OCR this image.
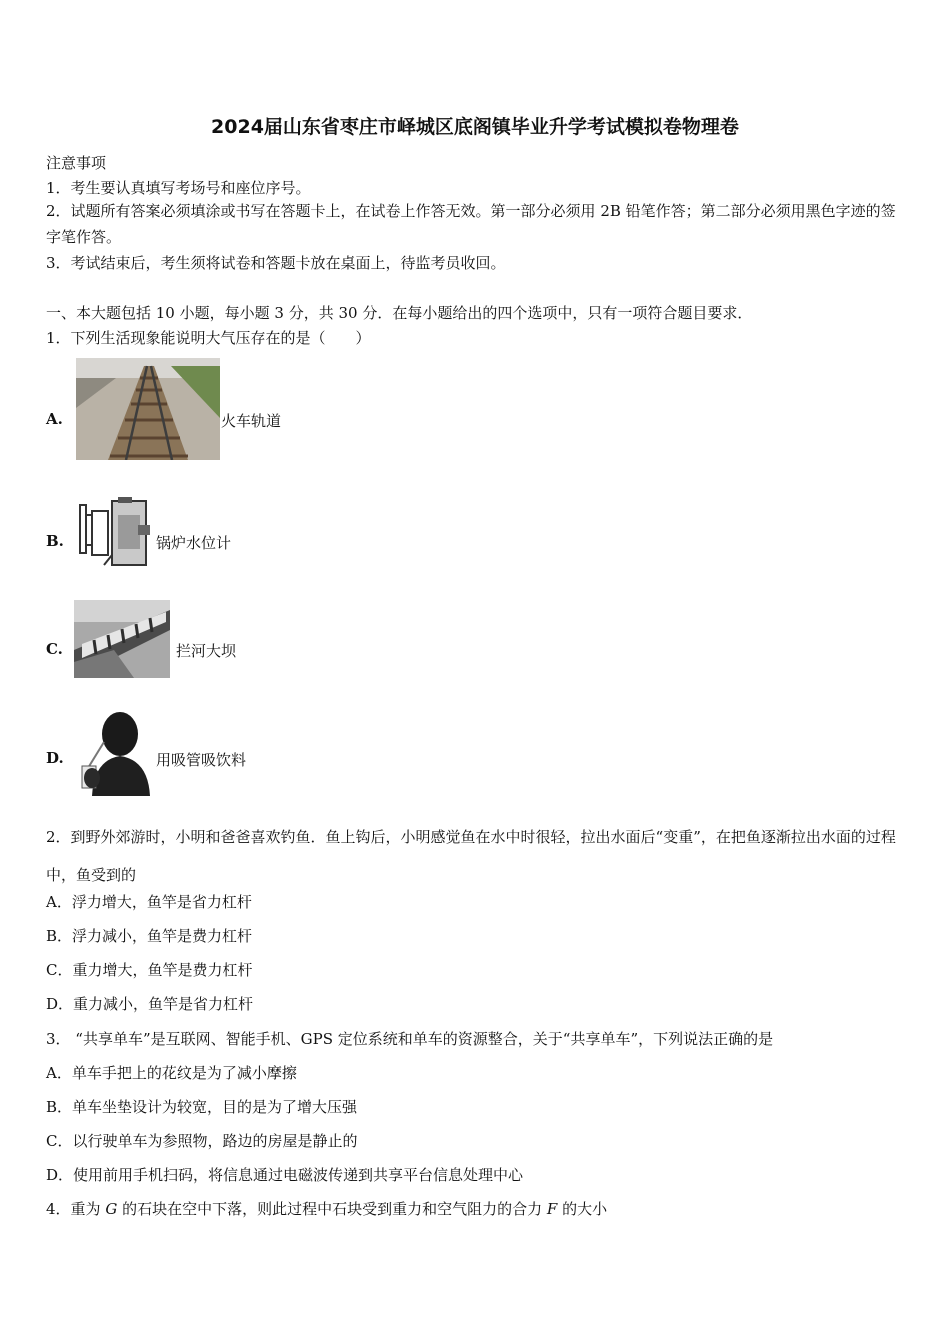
2024届山东省枣庄市峄城区底阁镇毕业升学考试模拟卷物理卷
注意事项
1．考生要认真填写考场号和座位序号。
2．试题所有答案必须填涂或书写在答题卡上，在试卷上作答无效。第一部分必须用 2B 铅笔作答；第二部分必须用黑色字迹的签字笔作答。
3．考试结束后，考生须将试卷和答题卡放在桌面上，待监考员收回。
一、本大题包括 10 小题，每小题 3 分，共 30 分．在每小题给出的四个选项中，只有一项符合题目要求．
1．下列生活现象能说明大气压存在的是（　　）
A.	火车轨道
B.	锅炉水位计
C.	拦河大坝
D.	用吸管吸饮料
2．到野外郊游时，小明和爸爸喜欢钓鱼．鱼上钩后，小明感觉鱼在水中时很轻，拉出水面后“变重”，在把鱼逐渐拉出水面的过程中，鱼受到的
A．浮力增大，鱼竿是省力杠杆
B．浮力减小，鱼竿是费力杠杆
C．重力增大，鱼竿是费力杠杆
D．重力减小，鱼竿是省力杠杆
3． “共享单车”是互联网、智能手机、GPS 定位系统和单车的资源整合，关于“共享单车”，下列说法正确的是
A．单车手把上的花纹是为了减小摩擦
B．单车坐垫设计为较宽，目的是为了增大压强
C．以行驶单车为参照物，路边的房屋是静止的
D．使用前用手机扫码，将信息通过电磁波传递到共享平台信息处理中心
4．重为 G 的石块在空中下落，则此过程中石块受到重力和空气阻力的合力 F 的大小
